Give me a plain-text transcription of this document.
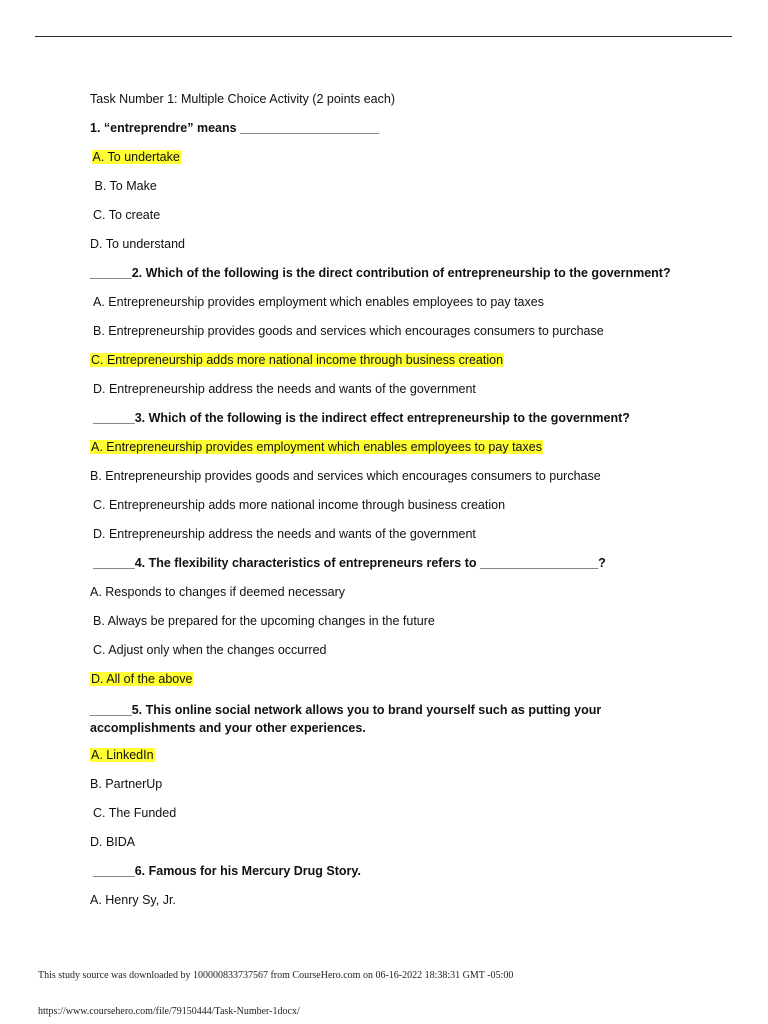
Task Number 1: Multiple Choice Activity (2 points each)
1. “entreprendre” means ____________________
A. To undertake
B. To Make
C. To create
D. To understand
______2. Which of the following is the direct contribution of entrepreneurship to the government?
A. Entrepreneurship provides employment which enables employees to pay taxes
B. Entrepreneurship provides goods and services which encourages consumers to purchase
C. Entrepreneurship adds more national income through business creation
D. Entrepreneurship address the needs and wants of the government
______3. Which of the following is the indirect effect entrepreneurship to the government?
A. Entrepreneurship provides employment which enables employees to pay taxes
B. Entrepreneurship provides goods and services which encourages consumers to purchase
C. Entrepreneurship adds more national income through business creation
D. Entrepreneurship address the needs and wants of the government
______4. The flexibility characteristics of entrepreneurs refers to _________________?
A. Responds to changes if deemed necessary
B. Always be prepared for the upcoming changes in the future
C. Adjust only when the changes occurred
D. All of the above
______5. This online social network allows you to brand yourself such as putting your accomplishments and your other experiences.
A. LinkedIn
B. PartnerUp
C. The Funded
D. BIDA
______6. Famous for his Mercury Drug Story.
A. Henry Sy, Jr.
This study source was downloaded by 100000833737567 from CourseHero.com on 06-16-2022 18:38:31 GMT -05:00
https://www.coursehero.com/file/79150444/Task-Number-1docx/
